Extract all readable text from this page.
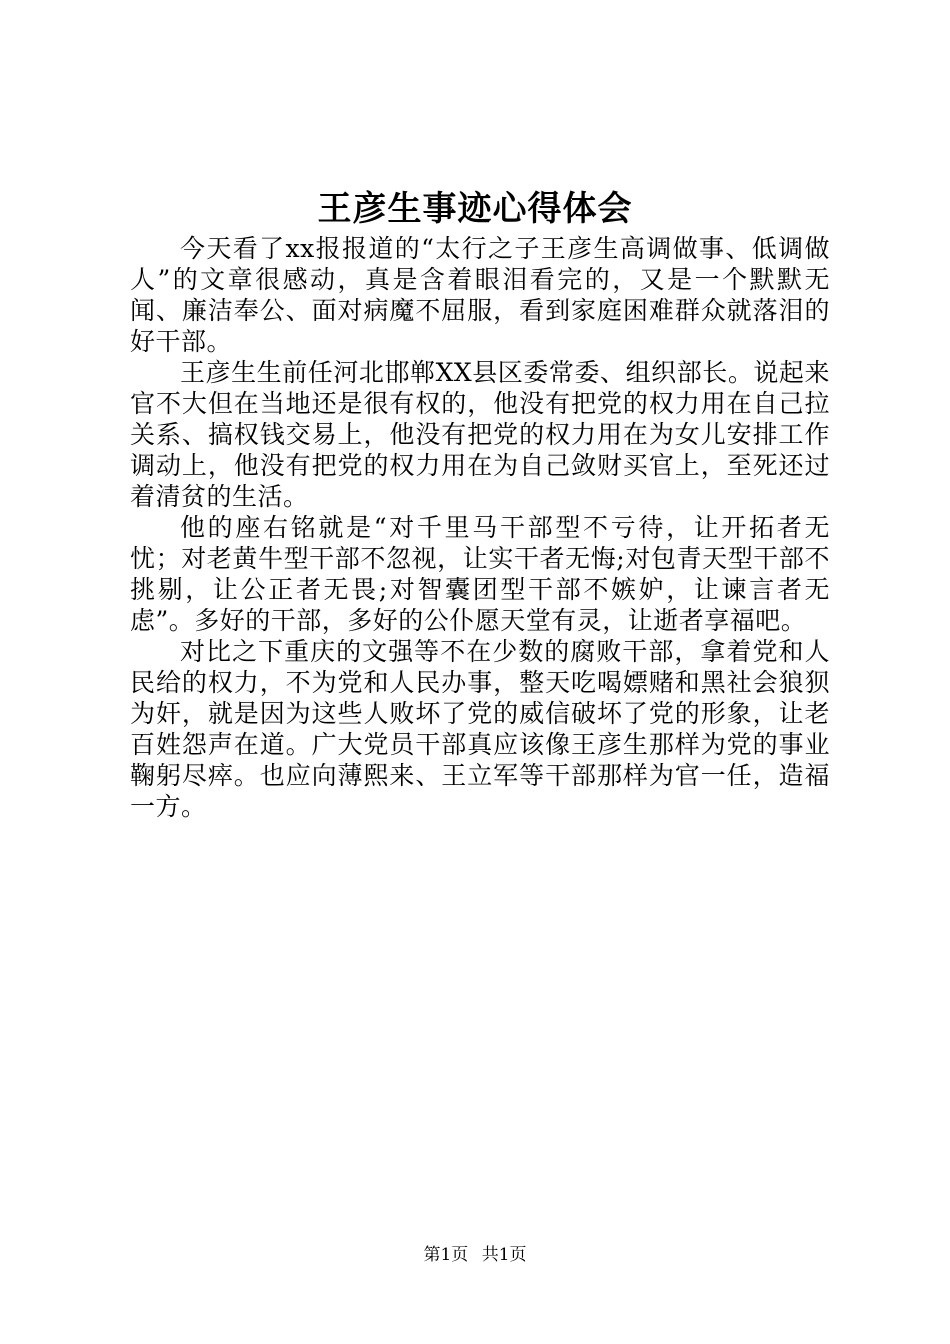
王彦生事迹心得体会

今天看了xx报报道的“太行之子王彦生高调做事、低调做人”的文章很感动，真是含着眼泪看完的，又是一个默默无闻、廉洁奉公、面对病魔不屈服，看到家庭困难群众就落泪的好干部。

王彦生生前任河北邯郸XX县区委常委、组织部长。说起来官不大但在当地还是很有权的，他没有把党的权力用在自己拉关系、搞权钱交易上，他没有把党的权力用在为女儿安排工作调动上，他没有把党的权力用在为自己敛财买官上，至死还过着清贫的生活。

他的座右铭就是“对千里马干部型不亏待，让开拓者无忧；对老黄牛型干部不忽视，让实干者无悔;对包青天型干部不挑剔，让公正者无畏;对智囊团型干部不嫉妒，让谏言者无虑”。多好的干部，多好的公仆愿天堂有灵，让逝者享福吧。

对比之下重庆的文强等不在少数的腐败干部，拿着党和人民给的权力，不为党和人民办事，整天吃喝嫖赌和黑社会狼狈为奸，就是因为这些人败坏了党的威信破坏了党的形象，让老百姓怨声在道。广大党员干部真应该像王彦生那样为党的事业鞠躬尽瘁。也应向薄熙来、王立军等干部那样为官一任，造福一方。

第1页 共1页
